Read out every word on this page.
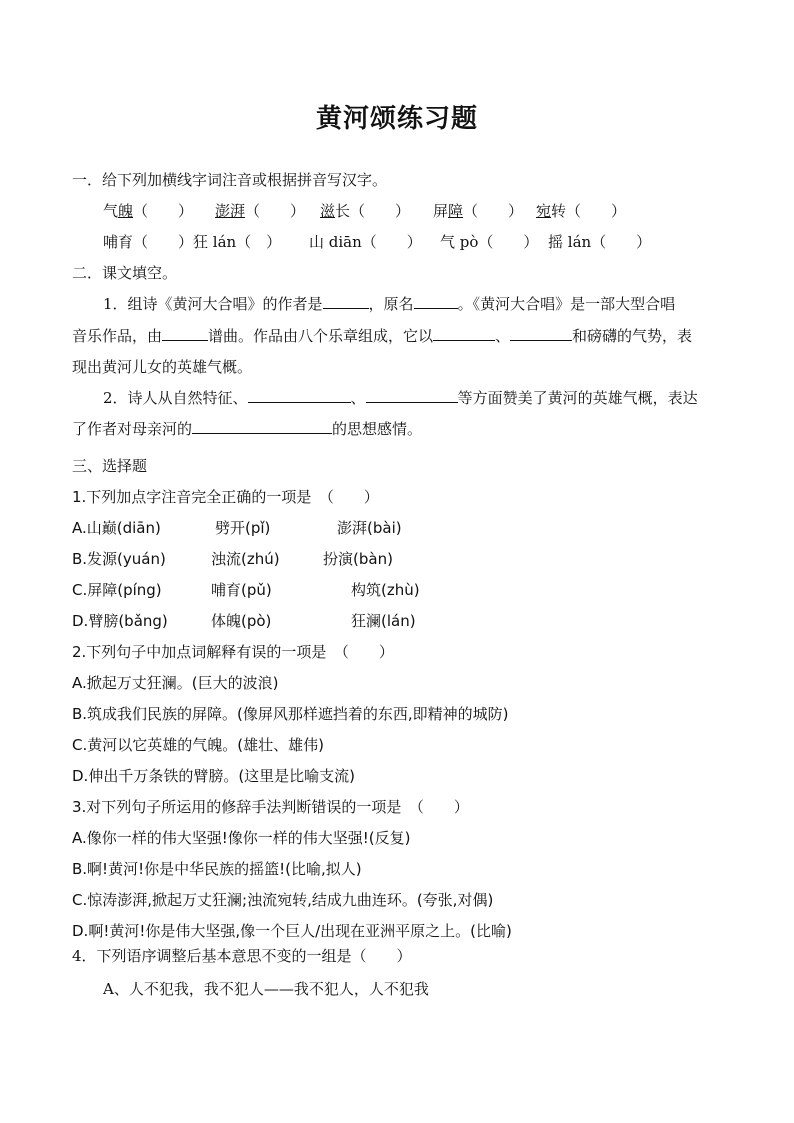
黄河颂练习题
一．给下列加横线字词注音或根据拼音写汉字。
气魄（　　） 澎湃（　　） 滋长（　　） 屏障（　　） 宛转（　　）
哺育（　　）狂 lán（　） 山 diān（　　） 气 pò（　　） 摇 lán（　　）
二．课文填空。
1．组诗《黄河大合唱》的作者是	，原名	。《黄河大合唱》是一部大型合唱
音乐作品，由	谱曲。作品由八个乐章组成，它以	、	和磅礴的气势，表
现出黄河儿女的英雄气概。
2．诗人从自然特征、	、	等方面赞美了黄河的英雄气概，表达
了作者对母亲河的	的思想感情。
三、选择题
1.下列加点字注音完全正确的一项是　（　　）
A.山巅(diān)	劈开(pǐ)	澎湃(bài)
B.发源(yuán)	浊流(zhú)	扮演(bàn)
C.屏障(píng)	哺育(pǔ)	构筑(zhù)
D.臂膀(bǎng)	体魄(pò)	狂澜(lán)
2.下列句子中加点词解释有误的一项是　（　　）
A.掀起万丈狂澜。(巨大的波浪)
B.筑成我们民族的屏障。(像屏风那样遮挡着的东西,即精神的城防)
C.黄河以它英雄的气魄。(雄壮、雄伟)
D.伸出千万条铁的臂膀。(这里是比喻支流)
3.对下列句子所运用的修辞手法判断错误的一项是　（　　）
A.像你一样的伟大坚强!像你一样的伟大坚强!(反复)
B.啊!黄河!你是中华民族的摇篮!(比喻,拟人)
C.惊涛澎湃,掀起万丈狂澜;浊流宛转,结成九曲连环。(夸张,对偶)
D.啊!黄河!你是伟大坚强,像一个巨人/出现在亚洲平原之上。(比喻)
4．下列语序调整后基本意思不变的一组是（　　）
A、人不犯我，我不犯人——我不犯人，人不犯我
